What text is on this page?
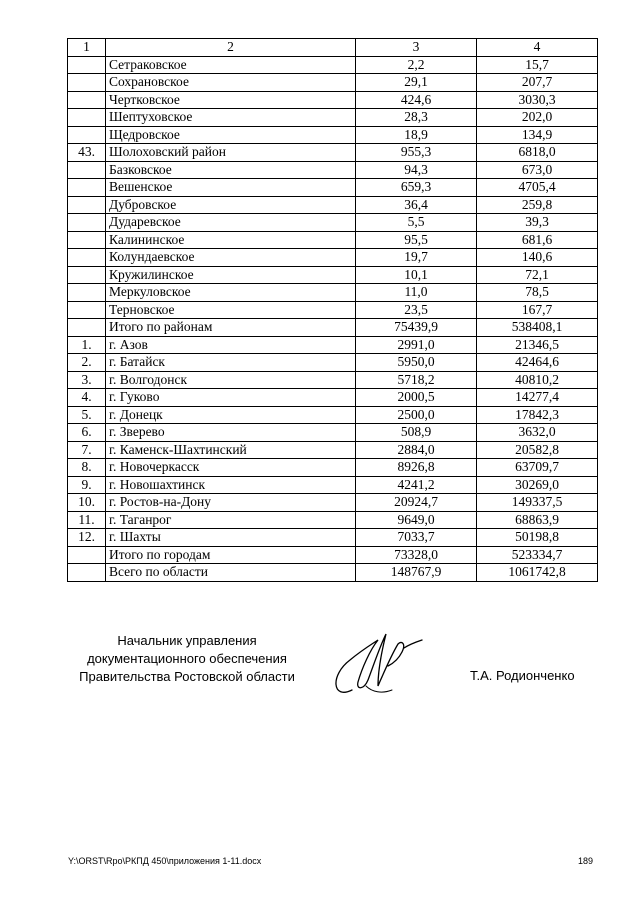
1	2	3	4
	Сетраковское	2,2	15,7
	Сохрановское	29,1	207,7
	Чертковское	424,6	3030,3
	Шептуховское	28,3	202,0
	Щедровское	18,9	134,9
43.	Шолоховский район	955,3	6818,0
	Базковское	94,3	673,0
	Вешенское	659,3	4705,4
	Дубровское	36,4	259,8
	Дударевское	5,5	39,3
	Калининское	95,5	681,6
	Колундаевское	19,7	140,6
	Кружилинское	10,1	72,1
	Меркуловское	11,0	78,5
	Терновское	23,5	167,7
	Итого по районам	75439,9	538408,1
1.	г. Азов	2991,0	21346,5
2.	г. Батайск	5950,0	42464,6
3.	г. Волгодонск	5718,2	40810,2
4.	г. Гуково	2000,5	14277,4
5.	г. Донецк	2500,0	17842,3
6.	г. Зверево	508,9	3632,0
7.	г. Каменск-Шахтинский	2884,0	20582,8
8.	г. Новочеркасск	8926,8	63709,7
9.	г. Новошахтинск	4241,2	30269,0
10.	г. Ростов-на-Дону	20924,7	149337,5
11.	г. Таганрог	9649,0	68863,9
12.	г. Шахты	7033,7	50198,8
	Итого по городам	73328,0	523334,7
	Всего по области	148767,9	1061742,8
Начальник управления
документационного обеспечения
Правительства Ростовской области	Т.А. Родионченко
Y:\ORST\Rpo\РКПД 450\приложения 1-11.docx	189
